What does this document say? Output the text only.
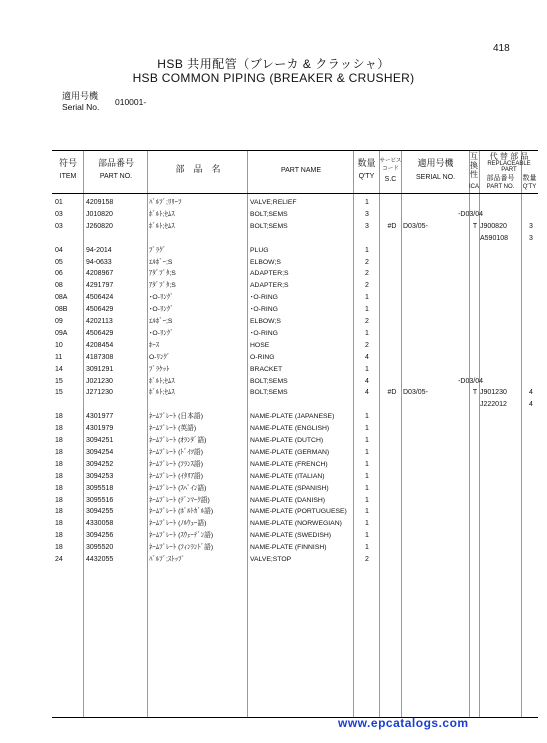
418
HSB 共用配管（ブレーカ & クラッシャ）
HSB COMMON PIPING (BREAKER & CRUSHER)
適用号機
Serial No. 010001-
符号
ITEM
部品番号
PART NO.
部　品　名	PART NAME
数量
Q'TY
サービス
コード
S.C
適用号機
SERIAL NO.
互
換
性
ICA
代 替 部 品
REPLACEABLE
PART
部品番号
PART NO.
数量
Q'TY
01	4209158	ﾊﾞﾙﾌﾞ;ﾘﾘｰﾌ	VALVE;RELIEF	1
03	J010820	ﾎﾞﾙﾄ;ｾﾑｽ	BOLT;SEMS	3	-D03/04
03	J260820	ﾎﾞﾙﾄ;ｾﾑｽ	BOLT;SEMS	3	#D D03/05-	T J900820	3
A590108	3
04	94-2014	ﾌﾟﾗｸﾞ	PLUG	1
05	94-0633	ｴﾙﾎﾞｰ;S	ELBOW;S	2
06	4208967	ｱﾀﾞﾌﾟﾀ;S	ADAPTER;S	2
08	4291797	ｱﾀﾞﾌﾟﾀ;S	ADAPTER;S	2
08A	4506424	･O-ﾘﾝｸﾞ	･O-RING	1
08B	4506429	･O-ﾘﾝｸﾞ	･O-RING	1
09	4202113	ｴﾙﾎﾞｰ;S	ELBOW;S	2
09A	4506429	･O-ﾘﾝｸﾞ	･O-RING	1
10	4208454	ﾎｰｽ	HOSE	2
11	4187308	O-ﾘﾝｸﾞ	O-RING	4
14	3091291	ﾌﾞﾗｹｯﾄ	BRACKET	1
15	J021230	ﾎﾞﾙﾄ;ｾﾑｽ	BOLT;SEMS	4	-D03/04
15	J271230	ﾎﾞﾙﾄ;ｾﾑｽ	BOLT;SEMS	4	#D D03/05-	T J901230	4
J222012	4
18	4301977	ﾈｰﾑﾌﾟﾚｰﾄ (日本語)	NAME-PLATE (JAPANESE)	1
18	4301979	ﾈｰﾑﾌﾟﾚｰﾄ (英語)	NAME-PLATE (ENGLISH)	1
18	3094251	ﾈｰﾑﾌﾟﾚｰﾄ (ｵﾗﾝﾀﾞ語)	NAME-PLATE (DUTCH)	1
18	3094254	ﾈｰﾑﾌﾟﾚｰﾄ (ﾄﾞｲﾂ語)	NAME-PLATE (GERMAN)	1
18	3094252	ﾈｰﾑﾌﾟﾚｰﾄ (ﾌﾗﾝｽ語)	NAME-PLATE (FRENCH)	1
18	3094253	ﾈｰﾑﾌﾟﾚｰﾄ (ｲﾀﾘｱ語)	NAME-PLATE (ITALIAN)	1
18	3095518	ﾈｰﾑﾌﾟﾚｰﾄ (ｽﾍﾟｲﾝ語)	NAME-PLATE (SPANISH)	1
18	3095516	ﾈｰﾑﾌﾟﾚｰﾄ (ﾃﾞﾝﾏｰｸ語)	NAME-PLATE (DANISH)	1
18	3094255	ﾈｰﾑﾌﾟﾚｰﾄ (ﾎﾟﾙﾄｶﾞﾙ語)	NAME-PLATE (PORTUGUESE)	1
18	4330058	ﾈｰﾑﾌﾟﾚｰﾄ (ﾉﾙｳｪｰ語)	NAME-PLATE (NORWEGIAN)	1
18	3094256	ﾈｰﾑﾌﾟﾚｰﾄ (ｽｳｪｰﾃﾞﾝ語)	NAME-PLATE (SWEDISH)	1
18	3095520	ﾈｰﾑﾌﾟﾚｰﾄ (ﾌｨﾝﾗﾝﾄﾞ語)	NAME-PLATE (FINNISH)	1
24	4432055	ﾊﾞﾙﾌﾞ;ｽﾄｯﾌﾟ	VALVE;STOP	2
www.epcatalogs.com
